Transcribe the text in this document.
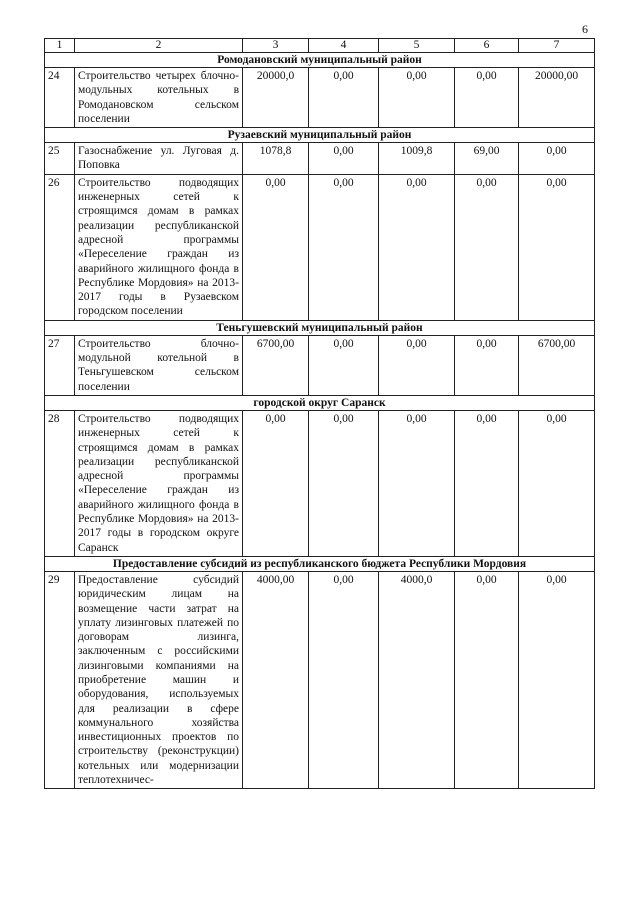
6
1	2	3	4	5	6	7
Ромодановский муниципальный район						
24	Строительство четырех блочно-модульных котельных в Ромодановском сельском поселении	20000,0	0,00	0,00	0,00	20000,00
Рузаевский муниципальный район						
25	Газоснабжение ул. Луговая д. Поповка	1078,8	0,00	1009,8	69,00	0,00
26	Строительство подводящих инженерных сетей к строящимся домам в рамках реализации республиканской адресной программы «Переселение граждан из аварийного жилищного фонда в Республике Мордовия» на 2013-2017 годы в Рузаевском городском поселении	0,00	0,00	0,00	0,00	0,00
Теньгушевский муниципальный район						
27	Строительство блочно-модульной котельной в Теньгушевском сельском поселении	6700,00	0,00	0,00	0,00	6700,00
городской округ Саранск						
28	Строительство подводящих инженерных сетей к строящимся домам в рамках реализации республиканской адресной программы «Переселение граждан из аварийного жилищного фонда в Республике Мордовия» на 2013-2017 годы в городском округе Саранск	0,00	0,00	0,00	0,00	0,00
Предоставление субсидий из республиканского бюджета Республики Мордовия						
29	Предоставление субсидий юридическим лицам на возмещение части затрат на уплату лизинговых платежей по договорам лизинга, заключенным с российскими лизинговыми компаниями на приобретение машин и оборудования, используемых для реализации в сфере коммунального хозяйства инвестиционных проектов по строительству (реконструкции) котельных или модернизации теплотехничес-	4000,00	0,00	4000,0	0,00	0,00
